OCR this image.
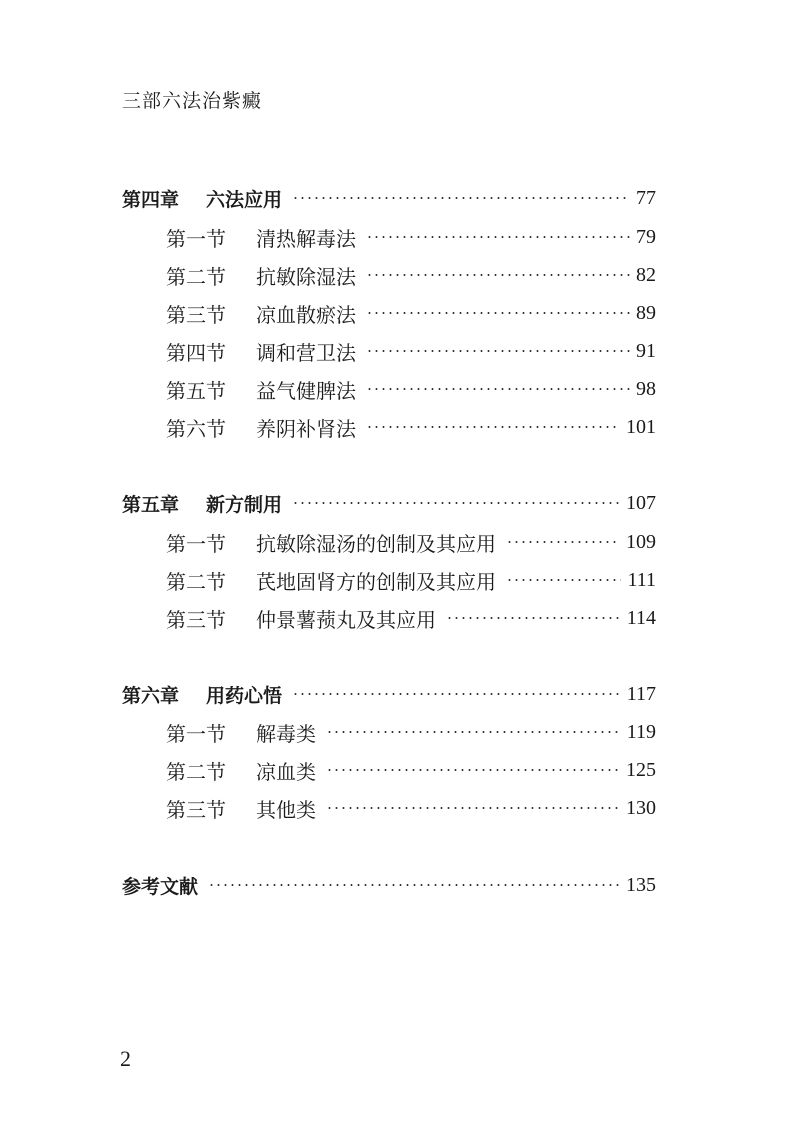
三部六法治紫癜
第四章	六法应用	77
第一节	清热解毒法	79
第二节	抗敏除湿法	82
第三节	凉血散瘀法	89
第四节	调和营卫法	91
第五节	益气健脾法	98
第六节	养阴补肾法	101
第五章	新方制用	107
第一节	抗敏除湿汤的创制及其应用	109
第二节	芪地固肾方的创制及其应用	111
第三节	仲景薯蓣丸及其应用	114
第六章	用药心悟	117
第一节	解毒类	119
第二节	凉血类	125
第三节	其他类	130
参考文献	135
2
